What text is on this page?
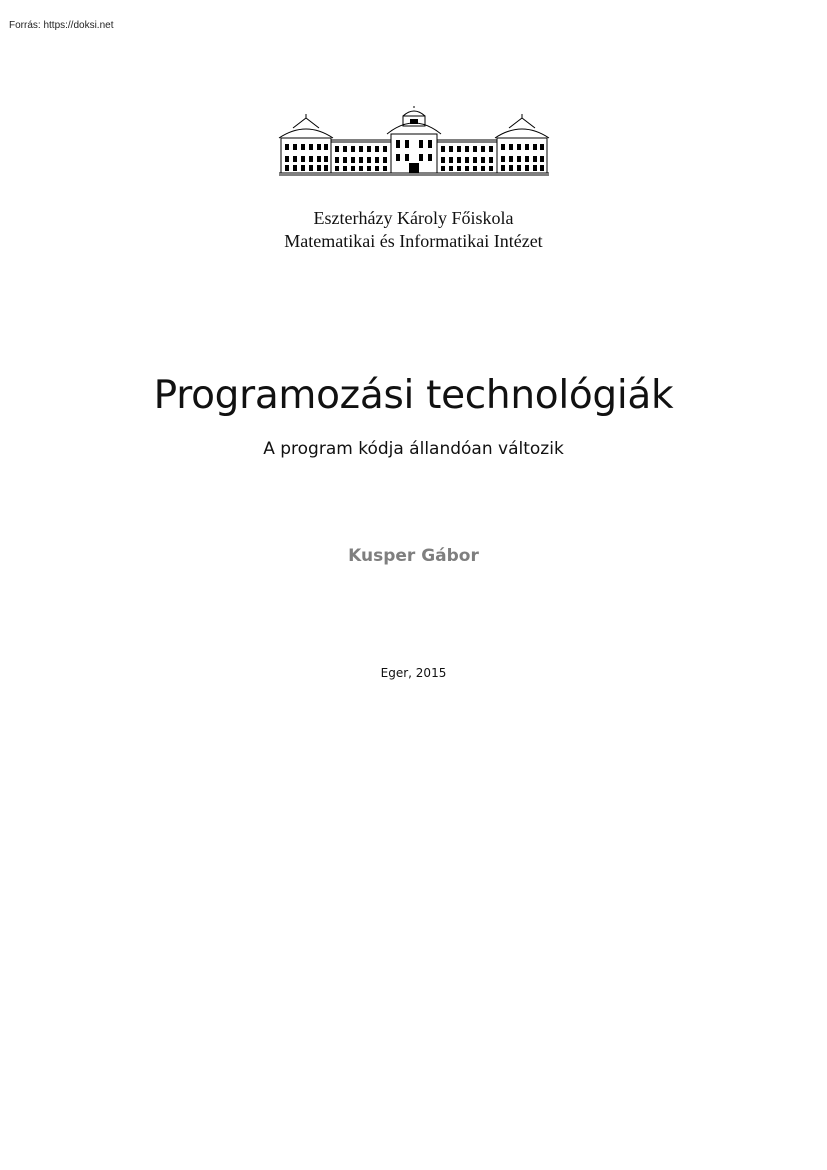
Forrás: https://doksi.net
Eszterházy Károly Főiskola
Matematikai és Informatikai Intézet
Programozási technológiák
A program kódja állandóan változik
Kusper Gábor
Eger, 2015
